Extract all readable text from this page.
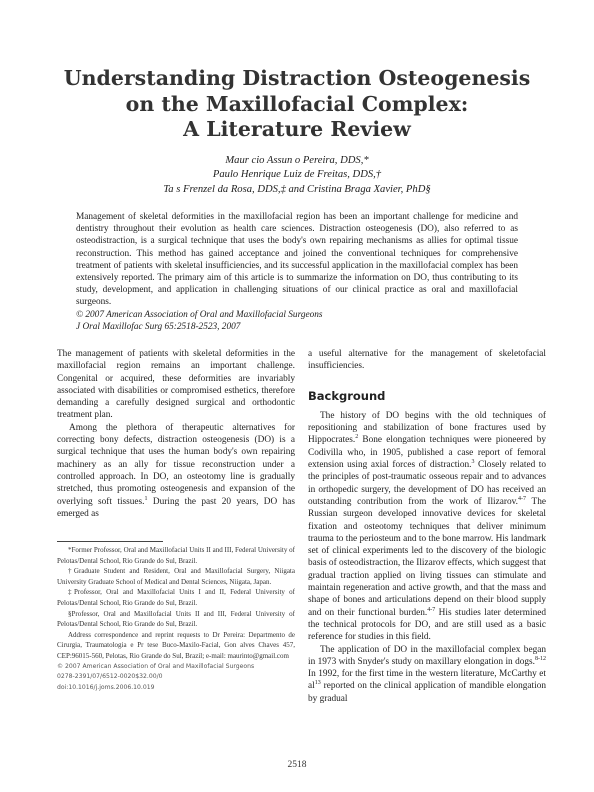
Understanding Distraction Osteogenesis
on the Maxillofacial Complex:
A Literature Review
Maur cio Assun o Pereira, DDS,*
Paulo Henrique Luiz de Freitas, DDS,†
Ta s Frenzel da Rosa, DDS,‡ and Cristina Braga Xavier, PhD§

Management of skeletal deformities in the maxillofacial region has been an important challenge for medicine and dentistry throughout their evolution as health care sciences. Distraction osteogenesis (DO), also referred to as osteodistraction, is a surgical technique that uses the body's own repairing mechanisms as allies for optimal tissue reconstruction. This method has gained acceptance and joined the conventional techniques for comprehensive treatment of patients with skeletal insufficiencies, and its successful application in the maxillofacial complex has been extensively reported. The primary aim of this article is to summarize the information on DO, thus contributing to its study, development, and application in challenging situations of our clinical practice as oral and maxillofacial surgeons.

© 2007 American Association of Oral and Maxillofacial Surgeons

J Oral Maxillofac Surg 65:2518-2523, 2007

The management of patients with skeletal deformities in the maxillofacial region remains an important challenge. Congenital or acquired, these deformities are invariably associated with disabilities or compromised esthetics, therefore demanding a carefully designed surgical and orthodontic treatment plan.

Among the plethora of therapeutic alternatives for correcting bony defects, distraction osteogenesis (DO) is a surgical technique that uses the human body's own repairing machinery as an ally for tissue reconstruction under a controlled approach. In DO, an osteotomy line is gradually stretched, thus promoting osteogenesis and expansion of the overlying soft tissues.$^1$ During the past 20 years, DO has emerged as

a useful alternative for the management of skeletofacial insufficiencies.

Background

The history of DO begins with the old techniques of repositioning and stabilization of bone fractures used by Hippocrates.$^2$ Bone elongation techniques were pioneered by Codivilla who, in 1905, published a case report of femoral extension using axial forces of distraction.$^3$ Closely related to the principles of post-traumatic osseous repair and to advances in orthopedic surgery, the development of DO has received an outstanding contribution from the work of Ilizarov.$^{4-7}$ The Russian surgeon developed innovative devices for skeletal fixation and osteotomy techniques that deliver minimum trauma to the periosteum and to the bone marrow. His landmark set of clinical experiments led to the discovery of the biologic basis of osteodistraction, the Ilizarov effects, which suggest that gradual traction applied on living tissues can stimulate and maintain regeneration and active growth, and that the mass and shape of bones and articulations depend on their blood supply and on their functional burden.$^{4-7}$ His studies later determined the technical protocols for DO, and are still used as a basic reference for studies in this field.

The application of DO in the maxillofacial complex began in 1973 with Snyder's study on maxillary elongation in dogs.$^{8-12}$ In 1992, for the first time in the western literature, McCarthy et $al^{13}$ reported on the clinical application of mandible elongation by gradual

*Former Professor, Oral and Maxillofacial Units II and III, Federal University of Pelotas/Dental School, Rio Grande do Sul, Brazil.

†Graduate Student and Resident, Oral and Maxillofacial Surgery, Niigata University Graduate School of Medical and Dental Sciences, Niigata, Japan.

‡Professor, Oral and Maxillofacial Units I and II, Federal University of Pelotas/Dental School, Rio Grande do Sul, Brazil.

§Professor, Oral and Maxillofacial Units II and III, Federal University of Pelotas/Dental School, Rio Grande do Sul, Brazil.

Address correspondence and reprint requests to Dr Pereira: Departmento de Cirurgia, Traumatologia e Pr tese Buco-Maxilo-Facial, Gon alves Chaves 457, CEP:96015-560, Pelotas, Rio Grande do Sul, Brazil; e-mail: maurinto@gmail.com

© 2007 American Association of Oral and Maxillofacial Surgeons

0278-2391/07/6512-0020$32.00/0

doi:10.1016/j.joms.2006.10.019

2518
